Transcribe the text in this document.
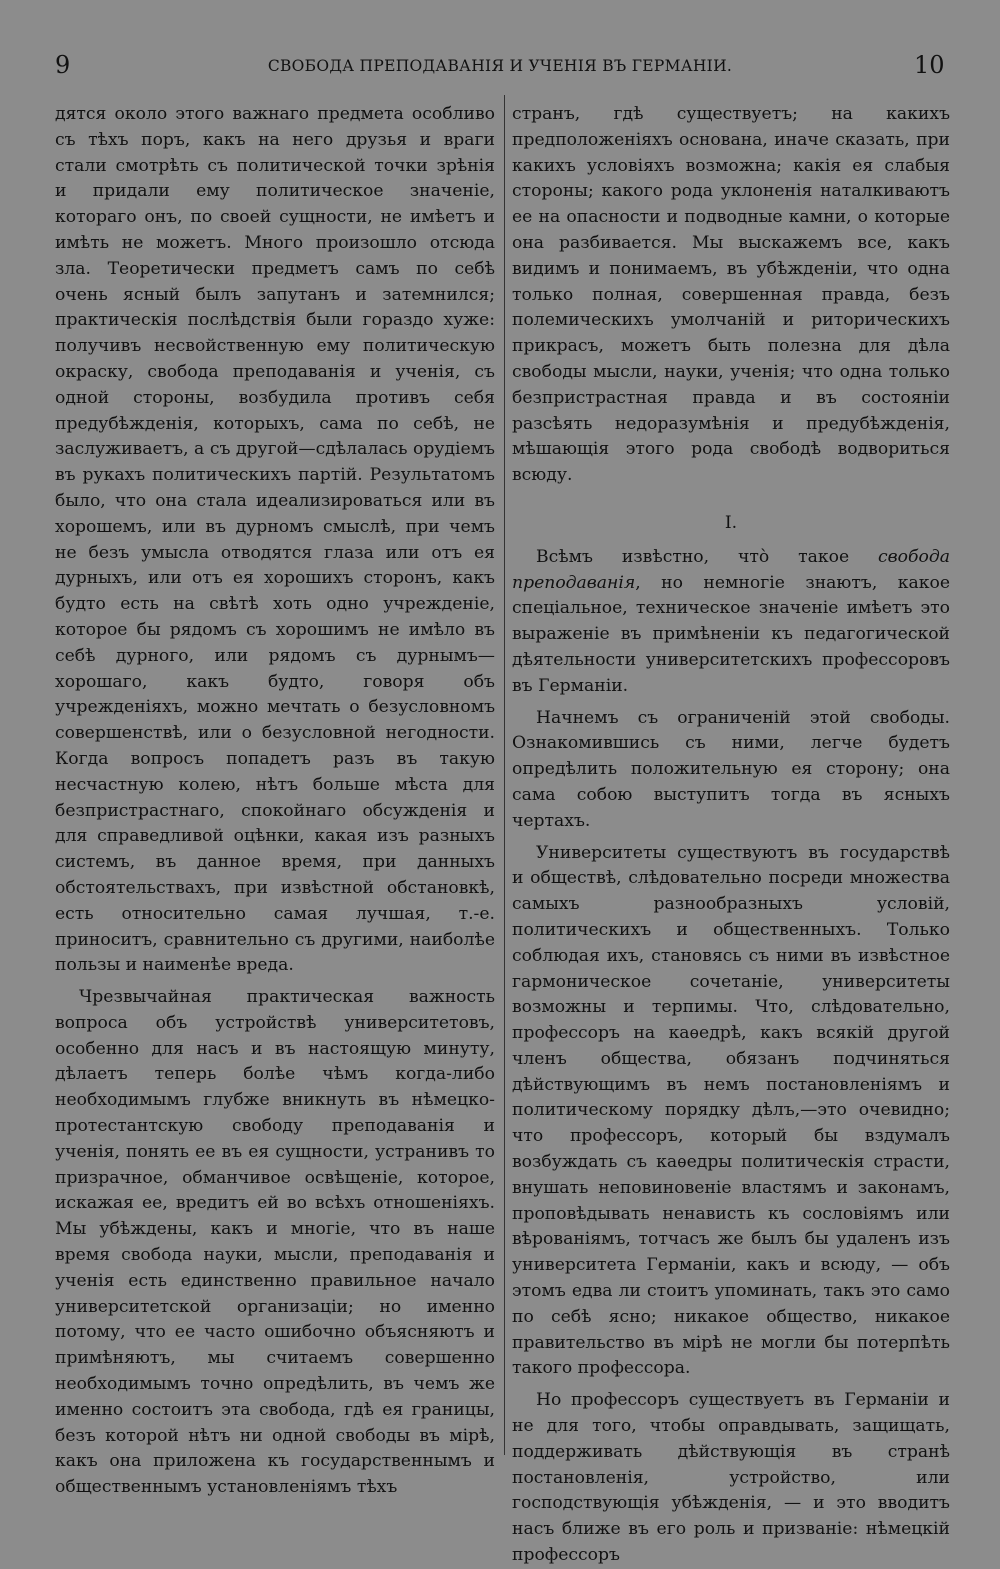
9	СВОБОДА ПРЕПОДАВАНІЯ И УЧЕНІЯ ВЪ ГЕРМАНІИ.	10

дятся около этого важнаго предмета особливо съ тѣхъ поръ, какъ на него друзья и враги стали смотрѣть съ политической точки зрѣнія и придали ему политическое значеніе, котораго онъ, по своей сущности, не имѣетъ и имѣть не можетъ. Много произошло отсюда зла. Теоретически предметъ самъ по себѣ очень ясный былъ запутанъ и затемнился; практическія послѣдствія были гораздо хуже: получивъ несвойственную ему политическую окраску, свобода преподаванія и ученія, съ одной стороны, возбудила противъ себя предубѣжденія, которыхъ, сама по себѣ, не заслуживаетъ, а съ другой—сдѣлалась орудіемъ въ рукахъ политическихъ партій. Результатомъ было, что она стала идеализироваться или въ хорошемъ, или въ дурномъ смыслѣ, при чемъ не безъ умысла отводятся глаза или отъ ея дурныхъ, или отъ ея хорошихъ сторонъ, какъ будто есть на свѣтѣ хоть одно учрежденіе, которое бы рядомъ съ хорошимъ не имѣло въ себѣ дурного, или рядомъ съ дурнымъ—хорошаго, какъ будто, говоря объ учрежденіяхъ, можно мечтать о безусловномъ совершенствѣ, или о безусловной негодности. Когда вопросъ попадетъ разъ въ такую несчастную колею, нѣтъ больше мѣста для безпристрастнаго, спокойнаго обсужденія и для справедливой оцѣнки, какая изъ разныхъ системъ, въ данное время, при данныхъ обстоятельствахъ, при извѣстной обстановкѣ, есть относительно самая лучшая, т.-е. приноситъ, сравнительно съ другими, наиболѣе пользы и наименѣе вреда.

Чрезвычайная практическая важность вопроса объ устройствѣ университетовъ, особенно для насъ и въ настоящую минуту, дѣлаетъ теперь болѣе чѣмъ когда-либо необходимымъ глубже вникнуть въ нѣмецко-протестантскую свободу преподаванія и ученія, понять ее въ ея сущности, устранивъ то призрачное, обманчивое освѣщеніе, которое, искажая ее, вредитъ ей во всѣхъ отношеніяхъ. Мы убѣждены, какъ и многіе, что въ наше время свобода науки, мысли, преподаванія и ученія есть единственно правильное начало университетской организаціи; но именно потому, что ее часто ошибочно объясняютъ и примѣняютъ, мы считаемъ совершенно необходимымъ точно опредѣлить, въ чемъ же именно состоитъ эта свобода, гдѣ ея границы, безъ которой нѣтъ ни одной свободы въ мірѣ, какъ она приложена къ государственнымъ и общественнымъ установленіямъ тѣхъ

странъ, гдѣ существуетъ; на какихъ предположеніяхъ основана, иначе сказать, при какихъ условіяхъ возможна; какія ея слабыя стороны; какого рода уклоненія наталкиваютъ ее на опасности и подводные камни, о которые она разбивается. Мы выскажемъ все, какъ видимъ и понимаемъ, въ убѣжденіи, что одна только полная, совершенная правда, безъ полемическихъ умолчаній и риторическихъ прикрасъ, можетъ быть полезна для дѣла свободы мысли, науки, ученія; что одна только безпристрастная правда и въ состояніи разсѣять недоразумѣнія и предубѣжденія, мѣшающія этого рода свободѣ водвориться всюду.

I.

Всѣмъ извѣстно, что̀ такое свобода преподаванія, но немногіе знаютъ, какое спеціальное, техническое значеніе имѣетъ это выраженіе въ примѣненіи къ педагогической дѣятельности университетскихъ профессоровъ въ Германіи.

Начнемъ съ ограниченій этой свободы. Ознакомившись съ ними, легче будетъ опредѣлить положительную ея сторону; она сама собою выступитъ тогда въ ясныхъ чертахъ.

Университеты существуютъ въ государствѣ и обществѣ, слѣдовательно посреди множества самыхъ разнообразныхъ условій, политическихъ и общественныхъ. Только соблюдая ихъ, становясь съ ними въ извѣстное гармоническое сочетаніе, университеты возможны и терпимы. Что, слѣдовательно, профессоръ на каѳедрѣ, какъ всякій другой членъ общества, обязанъ подчиняться дѣйствующимъ въ немъ постановленіямъ и политическому порядку дѣлъ,—это очевидно; что профессоръ, который бы вздумалъ возбуждать съ каѳедры политическія страсти, внушать неповиновеніе властямъ и законамъ, проповѣдывать ненависть къ сословіямъ или вѣрованіямъ, тотчасъ же былъ бы удаленъ изъ университета Германіи, какъ и всюду, — объ этомъ едва ли стоитъ упоминать, такъ это само по себѣ ясно; никакое общество, никакое правительство въ мірѣ не могли бы потерпѣть такого профессора.

Но профессоръ существуетъ въ Германіи и не для того, чтобы оправдывать, защищать, поддерживать дѣйствующія въ странѣ постановленія, устройство, или господствующія убѣжденія, — и это вводитъ насъ ближе въ его роль и призваніе: нѣмецкій профессоръ
